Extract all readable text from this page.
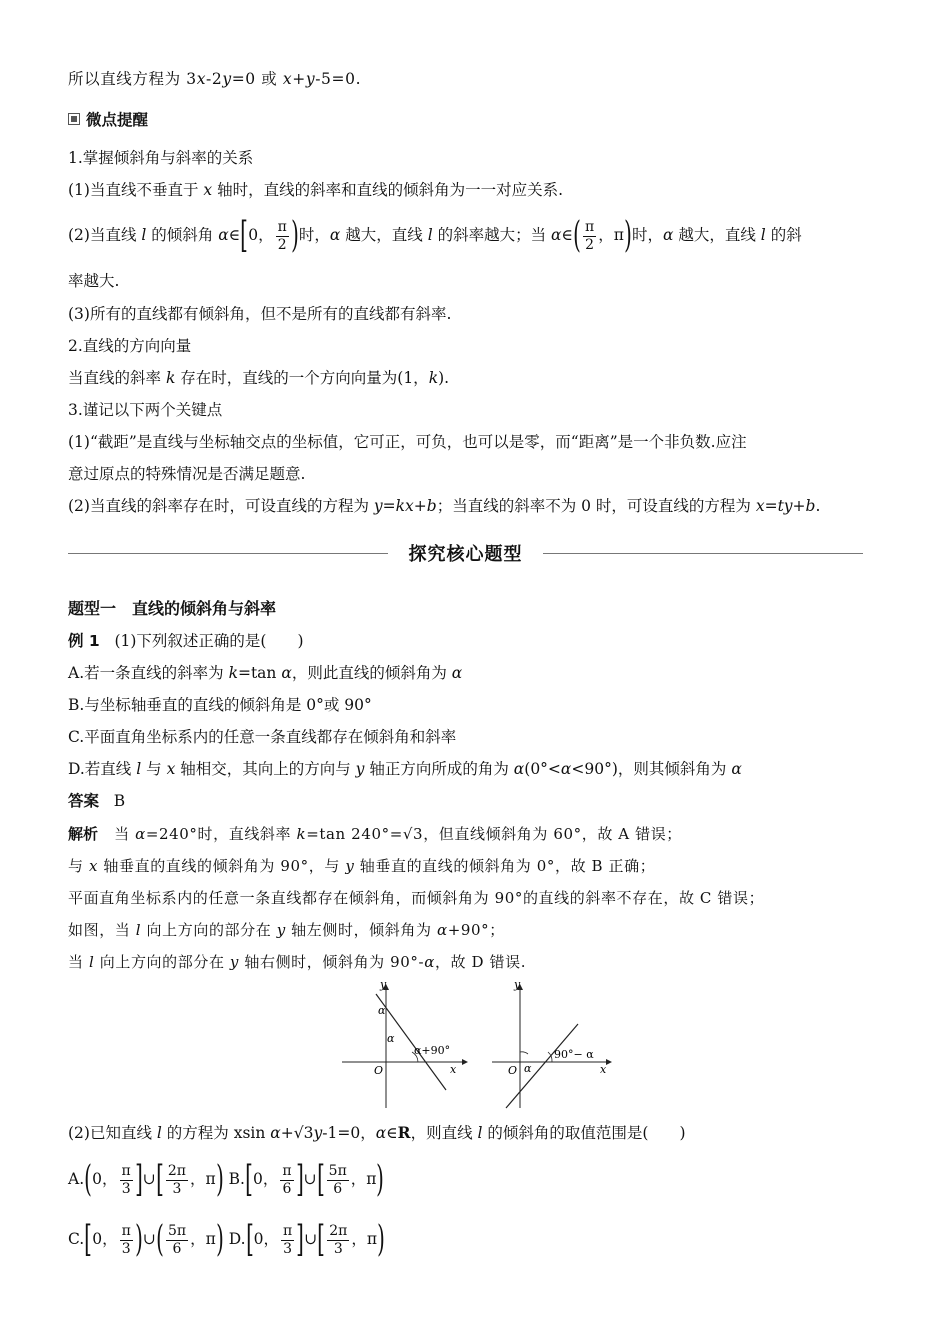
所以直线方程为 3x-2y=0 或 x+y-5=0.
微点提醒
1.掌握倾斜角与斜率的关系
(1)当直线不垂直于 x 轴时，直线的斜率和直线的倾斜角为一一对应关系.
(2)当直线 l 的倾斜角 α∈[0， $\frac{\pi}{2}$ )时，α 越大，直线 l 的斜率越大；当 α∈( $\frac{\pi}{2}$ ，π)时，α 越大，直线 l 的斜
率越大.
(3)所有的直线都有倾斜角，但不是所有的直线都有斜率.
2.直线的方向向量
当直线的斜率 k 存在时，直线的一个方向向量为(1，k).
3.谨记以下两个关键点
(1)“截距”是直线与坐标轴交点的坐标值，它可正，可负，也可以是零，而“距离”是一个非负数.应注
意过原点的特殊情况是否满足题意.
(2)当直线的斜率存在时，可设直线的方程为 y=kx+b；当直线的斜率不为 0 时，可设直线的方程为 x=ty+b.
探究核心题型
题型一　直线的倾斜角与斜率
例 1 (1)下列叙述正确的是(　　)
A.若一条直线的斜率为 k=tan α，则此直线的倾斜角为 α
B.与坐标轴垂直的直线的倾斜角是 0°或 90°
C.平面直角坐标系内的任意一条直线都存在倾斜角和斜率
D.若直线 l 与 x 轴相交，其向上的方向与 y 轴正方向所成的角为 α(0°<α<90°)，则其倾斜角为 α
答案 B
解析 当 α=240°时，直线斜率 k=tan 240°=√3，但直线倾斜角为 60°，故 A 错误；
与 x 轴垂直的直线的倾斜角为 90°，与 y 轴垂直的直线的倾斜角为 0°，故 B 正确；
平面直角坐标系内的任意一条直线都存在倾斜角，而倾斜角为 90°的直线的斜率不存在，故 C 错误；
如图，当 l 向上方向的部分在 y 轴左侧时，倾斜角为 α+90°；
当 l 向上方向的部分在 y 轴右侧时，倾斜角为 90°-α，故 D 错误.
y
x
O
α
α
α+90°
y
x
O α
90°− α
(2)已知直线 l 的方程为 xsin α+√3y-1=0，α∈R，则直线 l 的倾斜角的取值范围是(　　)
A.(0， $\frac{\pi}{3}$ ]∪[ $\frac{2\pi}{3}$ ，π) B.[0， $\frac{\pi}{6}$ ]∪[ $\frac{5\pi}{6}$ ，π)
C.[0， $\frac{\pi}{3}$ )∪( $\frac{5\pi}{6}$ ，π) D.[0， $\frac{\pi}{3}$ ]∪[ $\frac{2\pi}{3}$ ，π)
